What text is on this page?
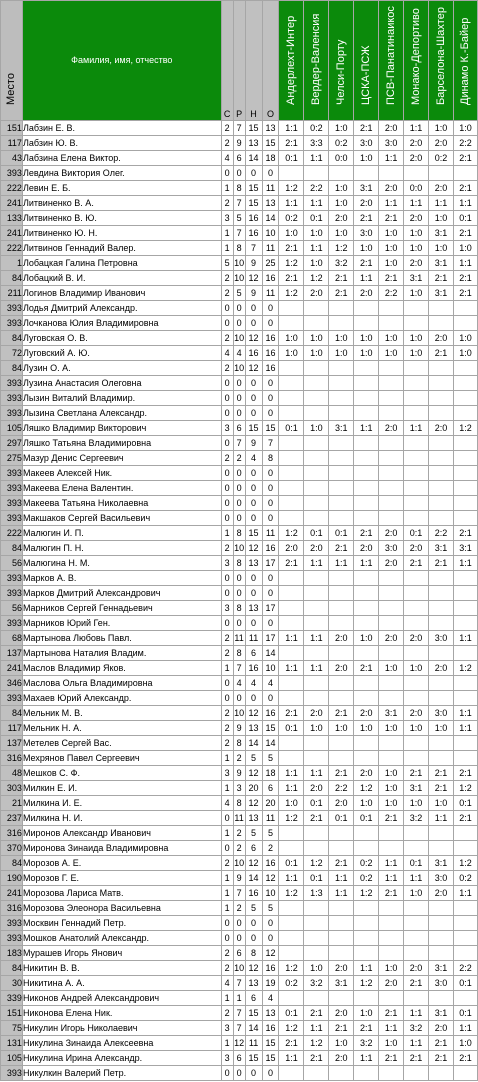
Место	Фамилия, имя, отчество	С	Р	Н	О	Андерлехт-Интер	Вердер-Валенсия	Челси-Порту	ЦСКА-ПСЖ	ПСВ-Панатинаикос	Монако-Депортиво	Барселона-Шахтер	Динамо К.-Байер

151	Лабзин Е. В.	2	7	15	13	1:1	0:2	1:0	2:1	2:0	1:1	1:0	1:0
117	Лабзин Ю. В.	2	9	13	15	2:1	3:3	0:2	3:0	3:0	2:0	2:0	2:2
43	Лабзина Елена Виктор.	4	6	14	18	0:1	1:1	0:0	1:0	1:1	2:0	0:2	2:1
393	Левдина Виктория Олег.	0	0	0	0								
222	Левин Е. Б.	1	8	15	11	1:2	2:2	1:0	3:1	2:0	0:0	2:0	2:1
241	Литвиненко В. А.	2	7	15	13	1:1	1:1	1:0	2:0	1:1	1:1	1:1	1:1
133	Литвиненко В. Ю.	3	5	16	14	0:2	0:1	2:0	2:1	2:1	2:0	1:0	0:1
241	Литвиненко Ю. Н.	1	7	16	10	1:0	1:0	1:0	3:0	1:0	1:0	3:1	2:1
222	Литвинов Геннадий Валер.	1	8	7	11	2:1	1:1	1:2	1:0	1:0	1:0	1:0	1:0
1	Лобацкая Галина Петровна	5	10	9	25	1:2	1:0	3:2	2:1	1:0	2:0	3:1	1:1
84	Лобацкий В. И.	2	10	12	16	2:1	1:2	2:1	1:1	2:1	3:1	2:1	2:1
211	Логинов Владимир Иванович	2	5	9	11	1:2	2:0	2:1	2:0	2:2	1:0	3:1	2:1
393	Лодья Дмитрий Александр.	0	0	0	0								
393	Лочканова Юлия Владимировна	0	0	0	0								
84	Луговская О. В.	2	10	12	16	1:0	1:0	1:0	1:0	1:0	1:0	2:0	1:0
72	Луговский А. Ю.	4	4	16	16	1:0	1:0	1:0	1:0	1:0	1:0	2:1	1:0
84	Лузин О. А.	2	10	12	16								
393	Лузина Анастасия Олеговна	0	0	0	0								
393	Лызин Виталий Владимир.	0	0	0	0								
393	Лызина Светлана Александр.	0	0	0	0								
105	Ляшко Владимир Викторович	3	6	15	15	0:1	1:0	3:1	1:1	2:0	1:1	2:0	1:2
297	Ляшко Татьяна Владимировна	0	7	9	7								
275	Мазур Денис Сергеевич	2	2	4	8								
393	Макеев Алексей Ник.	0	0	0	0								
393	Макеева Елена Валентин.	0	0	0	0								
393	Макеева Татьяна Николаевна	0	0	0	0								
393	Макшаков Сергей Васильевич	0	0	0	0								
222	Малюгин И. П.	1	8	15	11	1:2	0:1	0:1	2:1	2:0	0:1	2:2	2:1
84	Малюгин П. Н.	2	10	12	16	2:0	2:0	2:1	2:0	3:0	2:0	3:1	3:1
56	Малюгина Н. М.	3	8	13	17	2:1	1:1	1:1	1:1	2:0	2:1	2:1	1:1
393	Марков А. В.	0	0	0	0								
393	Марков Дмитрий Александрович	0	0	0	0								
56	Марников Сергей Геннадьевич	3	8	13	17								
393	Марников Юрий Ген.	0	0	0	0								
68	Мартынова Любовь Павл.	2	11	11	17	1:1	1:1	2:0	1:0	2:0	2:0	3:0	1:1
137	Мартынова Наталия Владим.	2	8	6	14								
241	Маслов Владимир Яков.	1	7	16	10	1:1	1:1	2:0	2:1	1:0	1:0	2:0	1:2
346	Маслова Ольга Владимировна	0	4	4	4								
393	Махаев Юрий Александр.	0	0	0	0								
84	Мельник М. В.	2	10	12	16	2:1	2:0	2:1	2:0	3:1	2:0	3:0	1:1
117	Мельник Н. А.	2	9	13	15	0:1	1:0	1:0	1:0	1:0	1:0	1:0	1:1
137	Метелев Сергей Вас.	2	8	14	14								
316	Мехрянов Павел Сергеевич	1	2	5	5								
48	Мешков С. Ф.	3	9	12	18	1:1	1:1	2:1	2:0	1:0	2:1	2:1	2:1
303	Милкин Е. И.	1	3	20	6	1:1	2:0	2:2	1:2	1:0	3:1	2:1	1:2
21	Милкина И. Е.	4	8	12	20	1:0	0:1	2:0	1:0	1:0	1:0	1:0	0:1
237	Милкина Н. И.	0	11	13	11	1:2	2:1	0:1	0:1	2:1	3:2	1:1	2:1
316	Миронов Александр Иванович	1	2	5	5								
370	Миронова Зинаида Владимировна	0	2	6	2								
84	Морозов А. Е.	2	10	12	16	0:1	1:2	2:1	0:2	1:1	0:1	3:1	1:2
190	Морозов Г. Е.	1	9	14	12	1:1	0:1	1:1	0:2	1:1	1:1	3:0	0:2
241	Морозова Лариса Матв.	1	7	16	10	1:2	1:3	1:1	1:2	2:1	1:0	2:0	1:1
316	Морозова Элеонора Васильевна	1	2	5	5								
393	Москвин Геннадий Петр.	0	0	0	0								
393	Мошков Анатолий Александр.	0	0	0	0								
183	Мурашев Игорь Янович	2	6	8	12								
84	Никитин В. В.	2	10	12	16	1:2	1:0	2:0	1:1	1:0	2:0	3:1	2:2
30	Никитина А. А.	4	7	13	19	0:2	3:2	3:1	1:2	2:0	2:1	3:0	0:1
339	Никонов Андрей Александрович	1	1	6	4								
151	Никонова Елена Ник.	2	7	15	13	0:1	2:1	2:0	1:0	2:1	1:1	3:1	0:1
75	Никулин Игорь Николаевич	3	7	14	16	1:2	1:1	2:1	2:1	1:1	3:2	2:0	1:1
131	Никулина Зинаида Алексеевна	1	12	11	15	2:1	1:2	1:0	3:2	1:0	1:1	2:1	1:0
105	Никулина Ирина Александр.	3	6	15	15	1:1	2:1	2:0	1:1	2:1	2:1	2:1	2:1
393	Никулкин Валерий Петр.	0	0	0	0								
